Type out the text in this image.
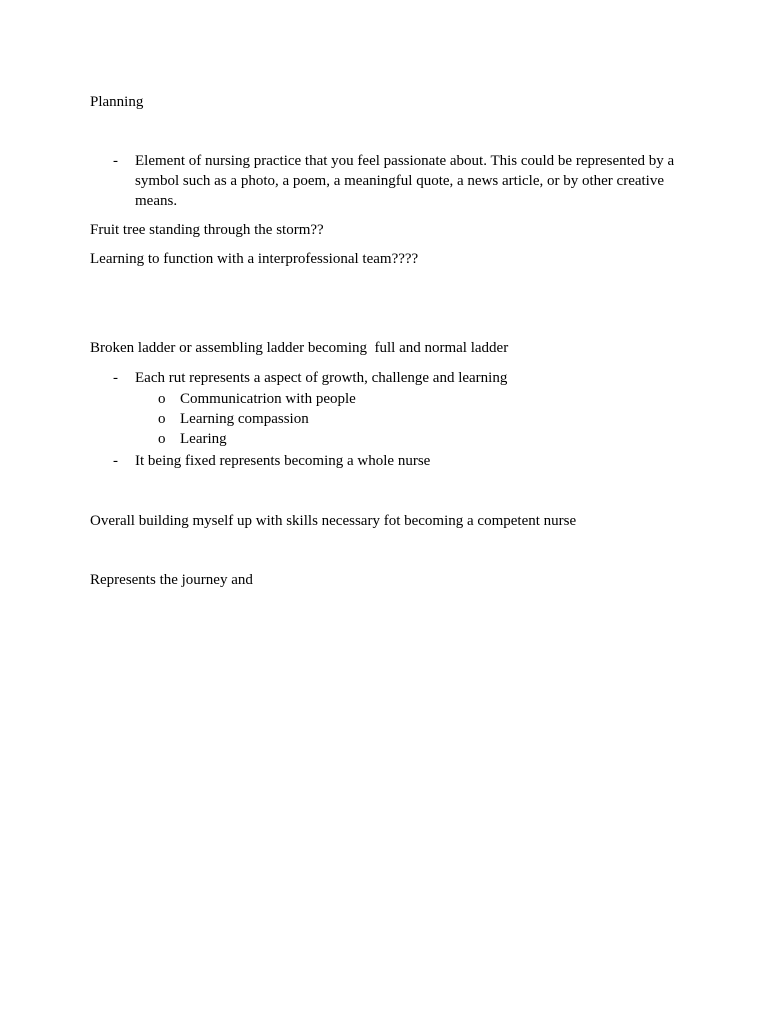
Planning
- Element of nursing practice that you feel passionate about. This could be represented by a symbol such as a photo, a poem, a meaningful quote, a news article, or by other creative means.
Fruit tree standing through the storm??
Learning to function with a interprofessional team????
Broken ladder or assembling ladder becoming  full and normal ladder
- Each rut represents a aspect of growth, challenge and learning
o Communicatrion with people
o Learning compassion
o Learing
- It being fixed represents becoming a whole nurse
Overall building myself up with skills necessary fot becoming a competent nurse
Represents the journey and
